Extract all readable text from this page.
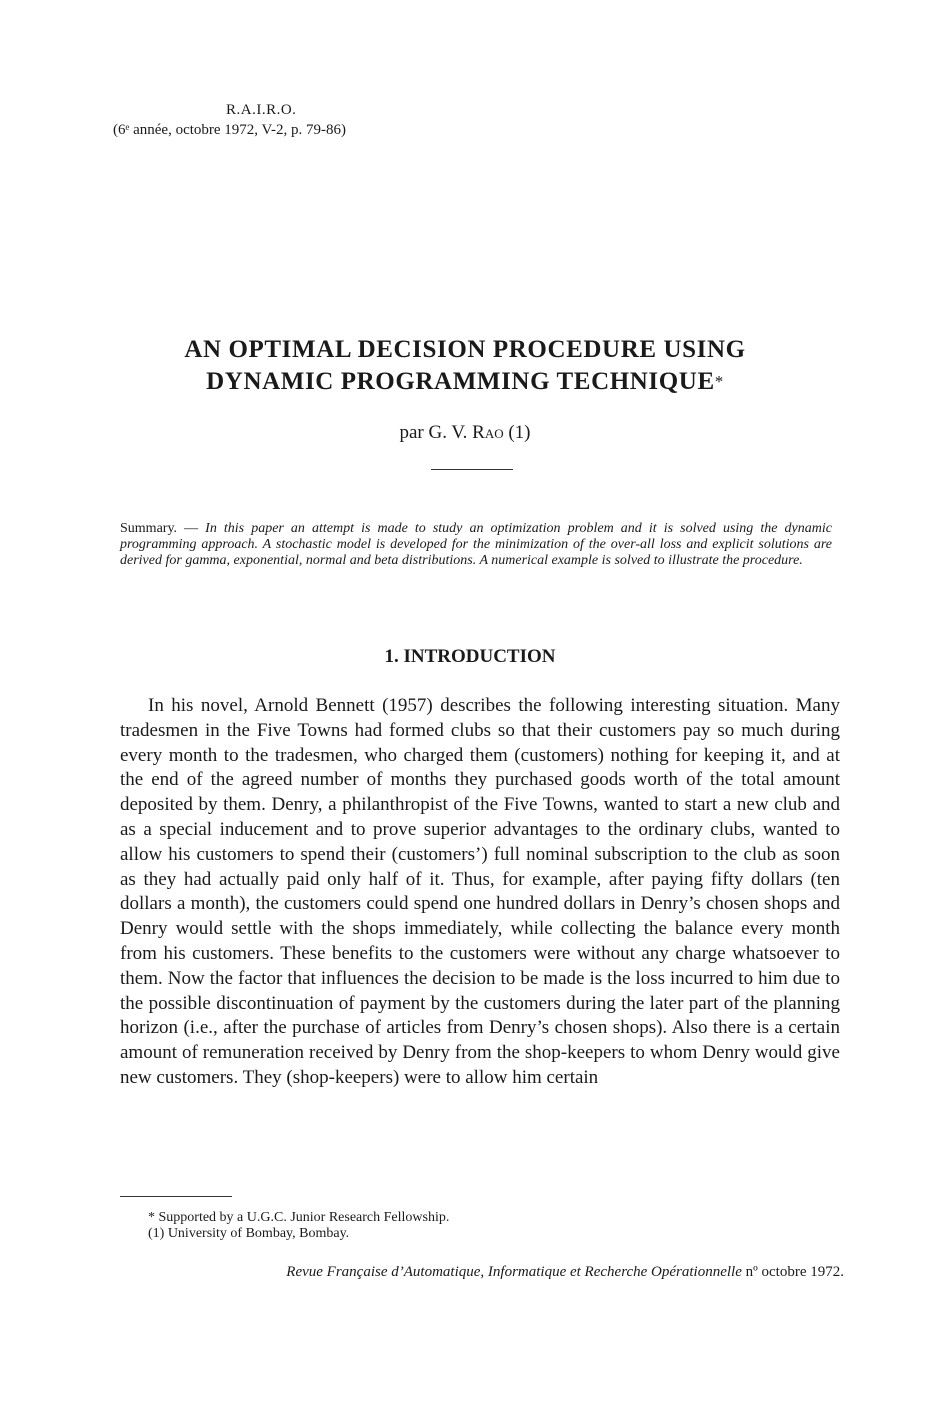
R.A.I.R.O.
(6ᵉ année, octobre 1972, V-2, p. 79-86)
AN OPTIMAL DECISION PROCEDURE USING
DYNAMIC PROGRAMMING TECHNIQUE*
par G. V. Rao (1)
Summary. — In this paper an attempt is made to study an optimization problem and it is solved using the dynamic programming approach. A stochastic model is developed for the minimization of the over-all loss and explicit solutions are derived for gamma, exponential, normal and beta distributions. A numerical example is solved to illustrate the procedure.
1. INTRODUCTION

In his novel, Arnold Bennett (1957) describes the following interesting situation. Many tradesmen in the Five Towns had formed clubs so that their customers pay so much during every month to the tradesmen, who charged them (customers) nothing for keeping it, and at the end of the agreed number of months they purchased goods worth of the total amount deposited by them. Denry, a philanthropist of the Five Towns, wanted to start a new club and as a special inducement and to prove superior advantages to the ordinary clubs, wanted to allow his customers to spend their (customers’) full nominal subscription to the club as soon as they had actually paid only half of it. Thus, for example, after paying fifty dollars (ten dollars a month), the customers could spend one hundred dollars in Denry’s chosen shops and Denry would settle with the shops immediately, while collecting the balance every month from his customers. These benefits to the customers were without any charge whatsoever to them. Now the factor that influences the decision to be made is the loss incurred to him due to the possible discontinuation of payment by the customers during the later part of the planning horizon (i.e., after the purchase of articles from Denry’s chosen shops). Also there is a certain amount of remuneration received by Denry from the shop-keepers to whom Denry would give new customers. They (shop-keepers) were to allow him certain

* Supported by a U.G.C. Junior Research Fellowship.
(1) University of Bombay, Bombay.
Revue Française d’Automatique, Informatique et Recherche Opérationnelle nº octobre 1972.
